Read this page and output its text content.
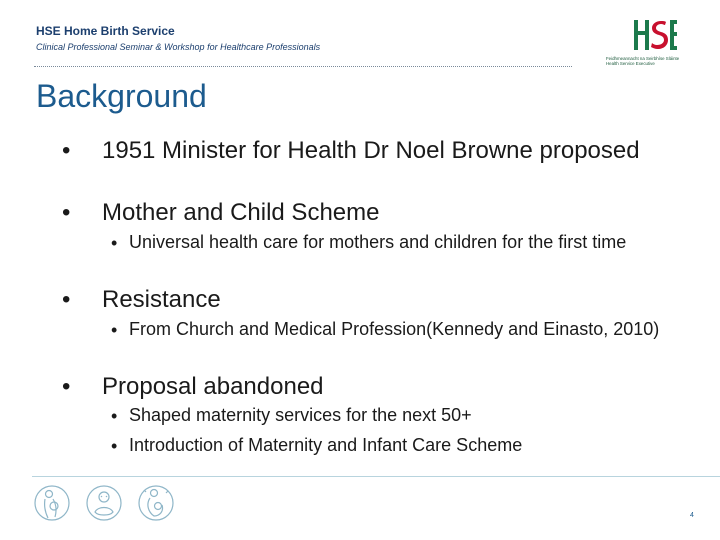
HSE Home Birth Service
Clinical Professional Seminar & Workshop for Healthcare Professionals
Feidhmeannacht na Seirbhíse Sláinte
Health Service Executive
Background
• 1951 Minister for Health Dr Noel Browne proposed
• Mother and Child Scheme
• Universal health care for mothers and children for the first time
• Resistance
• From Church and Medical Profession(Kennedy and Einasto, 2010)
• Proposal abandoned
• Shaped maternity services for the next 50+
• Introduction of Maternity and Infant Care Scheme
4
